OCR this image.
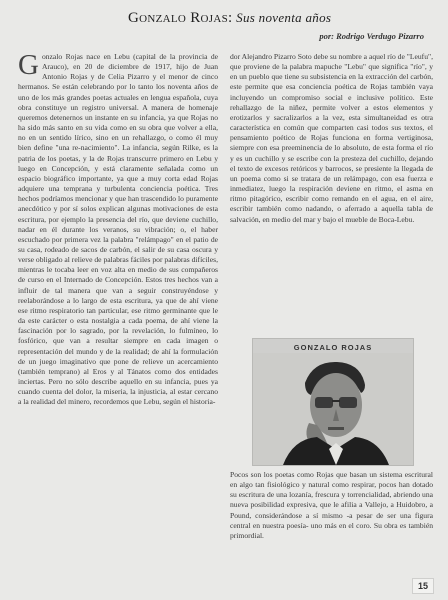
Gonzalo Rojas: Sus noventa años
por: Rodrigo Verdugo Pizarro

Gonzalo Rojas nace en Lebu (capital de la provincia de Arauco), en 20 de diciembre de 1917, hijo de Juan Antonio Rojas y de Celia Pizarro y el menor de cinco hermanos. Se están celebrando por lo tanto los noventa años de uno de los más grandes poetas actuales en lengua española, cuya obra constituye un registro universal. A manera de homenaje queremos detenernos un instante en su infancia, ya que Rojas no ha sido más santo en su vida como en su obra que volver a ella, no en un sentido lírico, sino en un rehallazgo, o como él muy bien define "una re-nacimiento". La infancia, según Rilke, es la patria de los poetas, y la de Rojas transcurre primero en Lebu y luego en Concepción, y está claramente señalada como un espacio biográfico importante, ya que a muy corta edad Rojas adquiere una temprana y turbulenta conciencia poética. Tres hechos podríamos mencionar y que han trascendido lo puramente anecdótico y por sí solos explican algunas motivaciones de esta escritura, por ejemplo la presencia del río, que deviene cuchillo, nadar en él durante los veranos, su vibración; o, el haber escuchado por primera vez la palabra "relámpago" en el patio de su casa, rodeado de sacos de carbón, el salir de su casa oscura y verse obligado al relieve de palabras fáciles por palabras difíciles, mientras le tocaba leer en voz alta en medio de sus compañeros de curso en el Internado de Concepción. Estos tres hechos van a influir de tal manera que van a seguir construyéndose y reelaborándose a lo largo de esta escritura, ya que de ahí viene ese ritmo respiratorio tan particular, ese ritmo germinante que le da este carácter o esta nostalgia a cada poema, de ahí viene la fascinación por lo sagrado, por la revelación, lo fulmíneo, lo fosfórico, que van a resultar siempre en cada imagen o representación del mundo y de la realidad; de ahí la formulación de un juego imaginativo que pone de relieve un acercamiento (también temprano) al Eros y al Tánatos como dos entidades inciertas. Pero no sólo describe aquello en su infancia, pues ya cuando cuenta del dolor, la miseria, la injusticia, al estar cercano a la realidad del minero, recordemos que Lebu, según el historia-

dor Alejandro Pizarro Soto debe su nombre a aquel río de "Leufu", que proviene de la palabra mapuche "Lebu" que significa "río", y en un pueblo que tiene su subsistencia en la extracción del carbón, este permite que esa conciencia poética de Rojas también vaya incluyendo un compromiso social e inclusive político. Este rehallazgo de la niñez, permite volver a estos elementos y erotizarlos y sacralizarlos a la vez, esta simultaneidad es otra característica en común que comparten casi todos sus textos, el pensamiento poético de Rojas funciona en forma vertiginosa, siempre con esa preeminencia de lo absoluto, de esta forma el río y es un cuchillo y se escribe con la presteza del cuchillo, dejando el texto de excesos retóricos y barrocos, se presiente la llegada de un poema como si se tratara de un relámpago, con esa fuerza e inmediatez, luego la respiración deviene en ritmo, el asma en ritmo pitagórico, escribir como remando en el agua, en el aire, escribir también como nadando, o aferrado a aquella tabla de salvación, en medio del mar y bajo el mueble de Boca-Lebu.

GONZALO ROJAS

Pocos son los poetas como Rojas que basan un sistema escritural en algo tan fisiológico y natural como respirar, pocos han dotado su escritura de una lozanía, frescura y torrencialidad, abriendo una nueva posibilidad expresiva, que le afilia a Vallejo, a Huidobro, a Pound, considerándose a sí mismo -a pesar de ser una figura central en nuestra poesía- uno más en el coro. Su obra es también primordial.

15
